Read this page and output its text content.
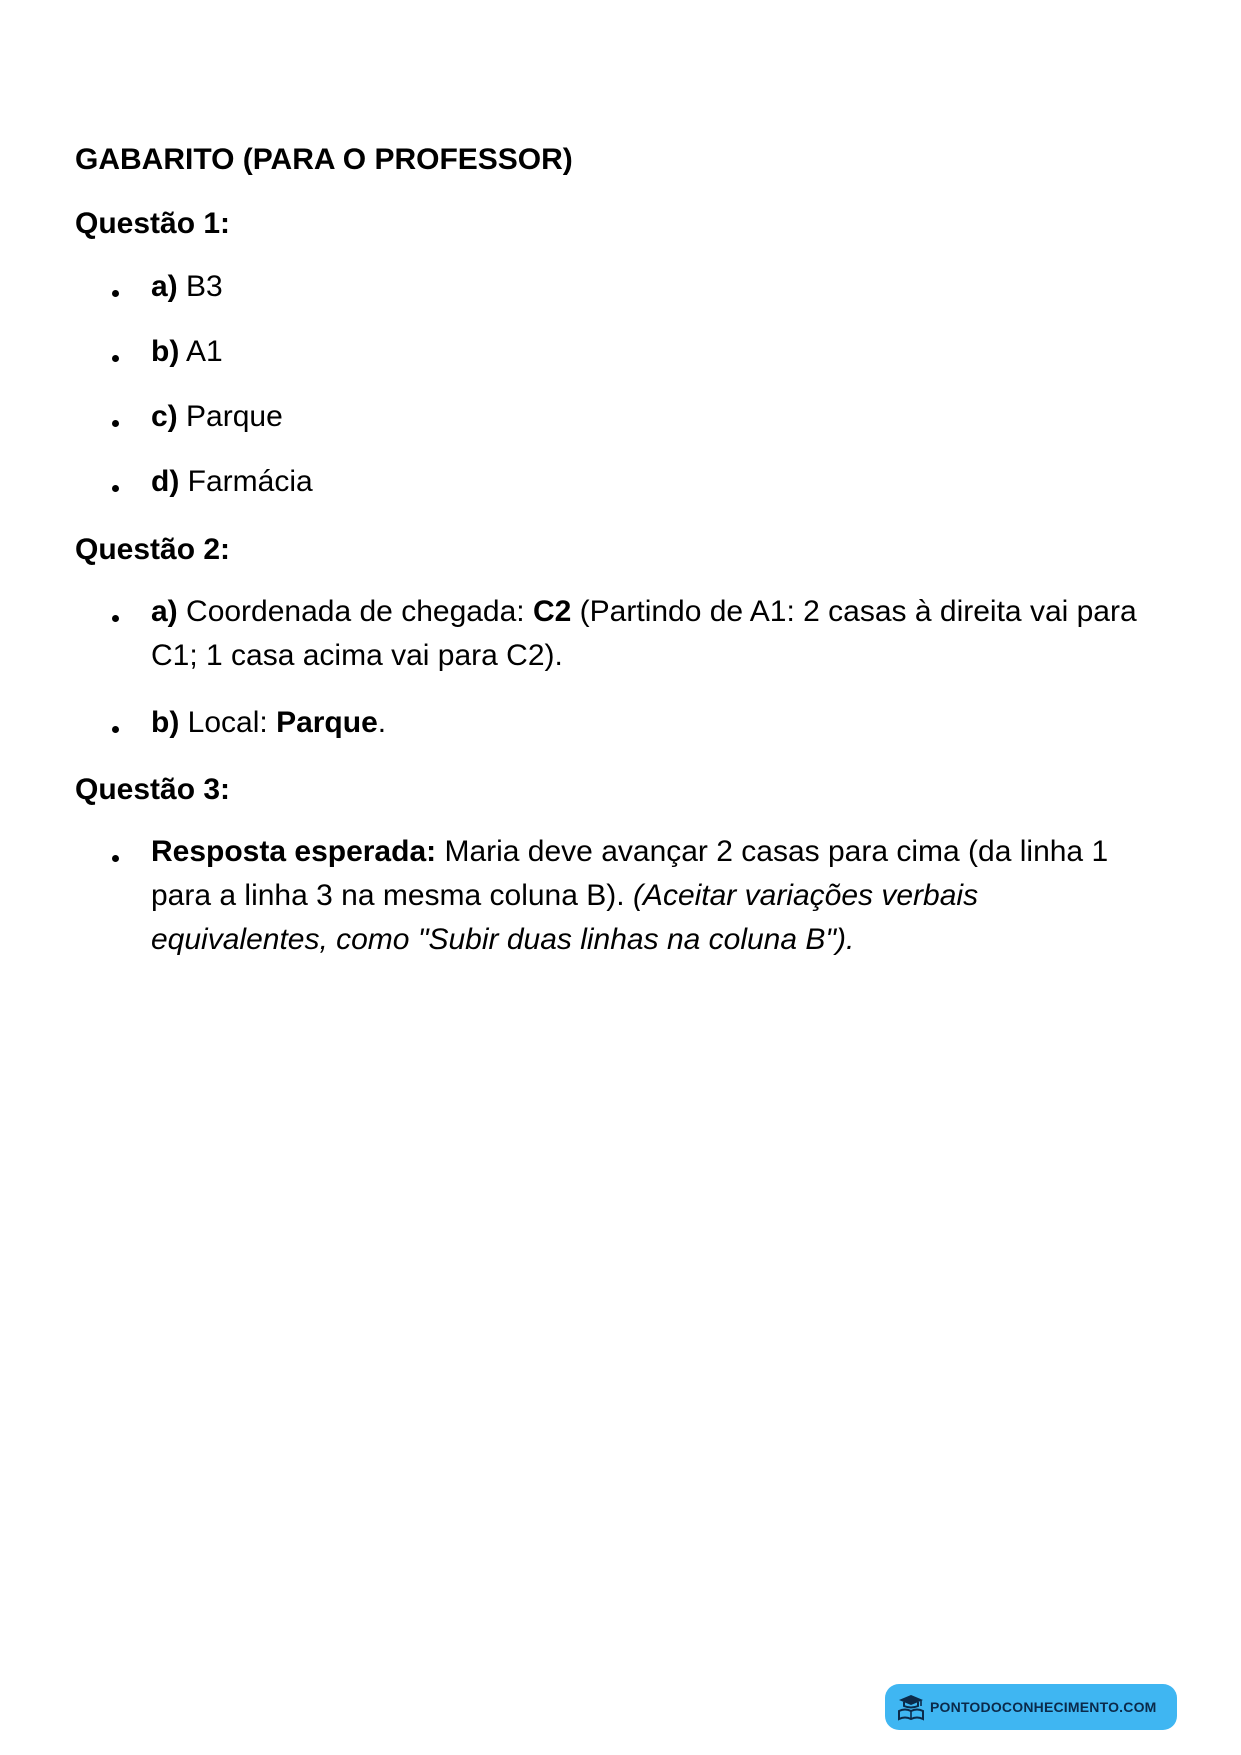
GABARITO (PARA O PROFESSOR)
Questão 1:
a) B3
b) A1
c) Parque
d) Farmácia
Questão 2:
a) Coordenada de chegada: C2 (Partindo de A1: 2 casas à direita vai para C1; 1 casa acima vai para C2).
b) Local: Parque.
Questão 3:
Resposta esperada: Maria deve avançar 2 casas para cima (da linha 1 para a linha 3 na mesma coluna B). (Aceitar variações verbais equivalentes, como "Subir duas linhas na coluna B").
PONTODOCONHECIMENTO.COM
